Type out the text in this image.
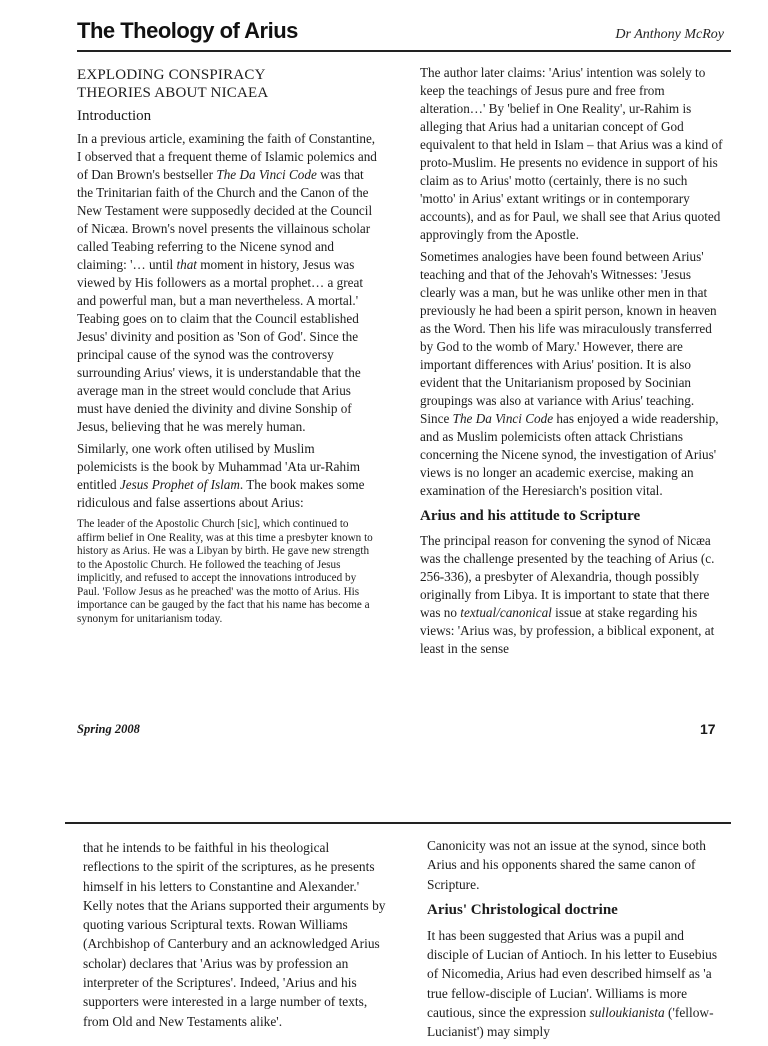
The Theology of Arius	Dr Anthony McRoy
EXPLODING CONSPIRACY
THEORIES ABOUT NICAEA
Introduction

In a previous article, examining the faith of Constantine, I observed that a frequent theme of Islamic polemics and of Dan Brown's bestseller The Da Vinci Code was that the Trinitarian faith of the Church and the Canon of the New Testament were supposedly decided at the Council of Nicæa. Brown's novel presents the villainous scholar called Teabing referring to the Nicene synod and claiming: '… until that moment in history, Jesus was viewed by His followers as a mortal prophet… a great and powerful man, but a man nevertheless. A mortal.' Teabing goes on to claim that the Council established Jesus' divinity and position as 'Son of God'. Since the principal cause of the synod was the controversy surrounding Arius' views, it is understandable that the average man in the street would conclude that Arius must have denied the divinity and divine Sonship of Jesus, believing that he was merely human.

Similarly, one work often utilised by Muslim polemicists is the book by Muhammad 'Ata ur-Rahim entitled Jesus Prophet of Islam. The book makes some ridiculous and false assertions about Arius:

The leader of the Apostolic Church [sic], which continued to affirm belief in One Reality, was at this time a presbyter known to history as Arius. He was a Libyan by birth. He gave new strength to the Apostolic Church. He followed the teaching of Jesus implicitly, and refused to accept the innovations introduced by Paul. 'Follow Jesus as he preached' was the motto of Arius. His importance can be gauged by the fact that his name has become a synonym for unitarianism today.

The author later claims: 'Arius' intention was solely to keep the teachings of Jesus pure and free from alteration…' By 'belief in One Reality', ur-Rahim is alleging that Arius had a unitarian concept of God equivalent to that held in Islam – that Arius was a kind of proto-Muslim. He presents no evidence in support of his claim as to Arius' motto (certainly, there is no such 'motto' in Arius' extant writings or in contemporary accounts), and as for Paul, we shall see that Arius quoted approvingly from the Apostle.

Sometimes analogies have been found between Arius' teaching and that of the Jehovah's Witnesses: 'Jesus clearly was a man, but he was unlike other men in that previously he had been a spirit person, known in heaven as the Word. Then his life was miraculously transferred by God to the womb of Mary.' However, there are important differences with Arius' position. It is also evident that the Unitarianism proposed by Socinian groupings was also at variance with Arius' teaching. Since The Da Vinci Code has enjoyed a wide readership, and as Muslim polemicists often attack Christians concerning the Nicene synod, the investigation of Arius' views is no longer an academic exercise, making an examination of the Heresiarch's position vital.

Arius and his attitude to Scripture

The principal reason for convening the synod of Nicæa was the challenge presented by the teaching of Arius (c. 256-336), a presbyter of Alexandria, though possibly originally from Libya. It is important to state that there was no textual/canonical issue at stake regarding his views: 'Arius was, by profession, a biblical exponent, at least in the sense

Spring 2008	17

that he intends to be faithful in his theological reflections to the spirit of the scriptures, as he presents himself in his letters to Constantine and Alexander.' Kelly notes that the Arians supported their arguments by quoting various Scriptural texts. Rowan Williams (Archbishop of Canterbury and an acknowledged Arius scholar) declares that 'Arius was by profession an interpreter of the Scriptures'. Indeed, 'Arius and his supporters were interested in a large number of texts, from Old and New Testaments alike'.

Canonicity was not an issue at the synod, since both Arius and his opponents shared the same canon of Scripture.

Arius' Christological doctrine

It has been suggested that Arius was a pupil and disciple of Lucian of Antioch. In his letter to Eusebius of Nicomedia, Arius had even described himself as 'a true fellow-disciple of Lucian'. Williams is more cautious, since the expression sulloukianista ('fellow-Lucianist') may simply
